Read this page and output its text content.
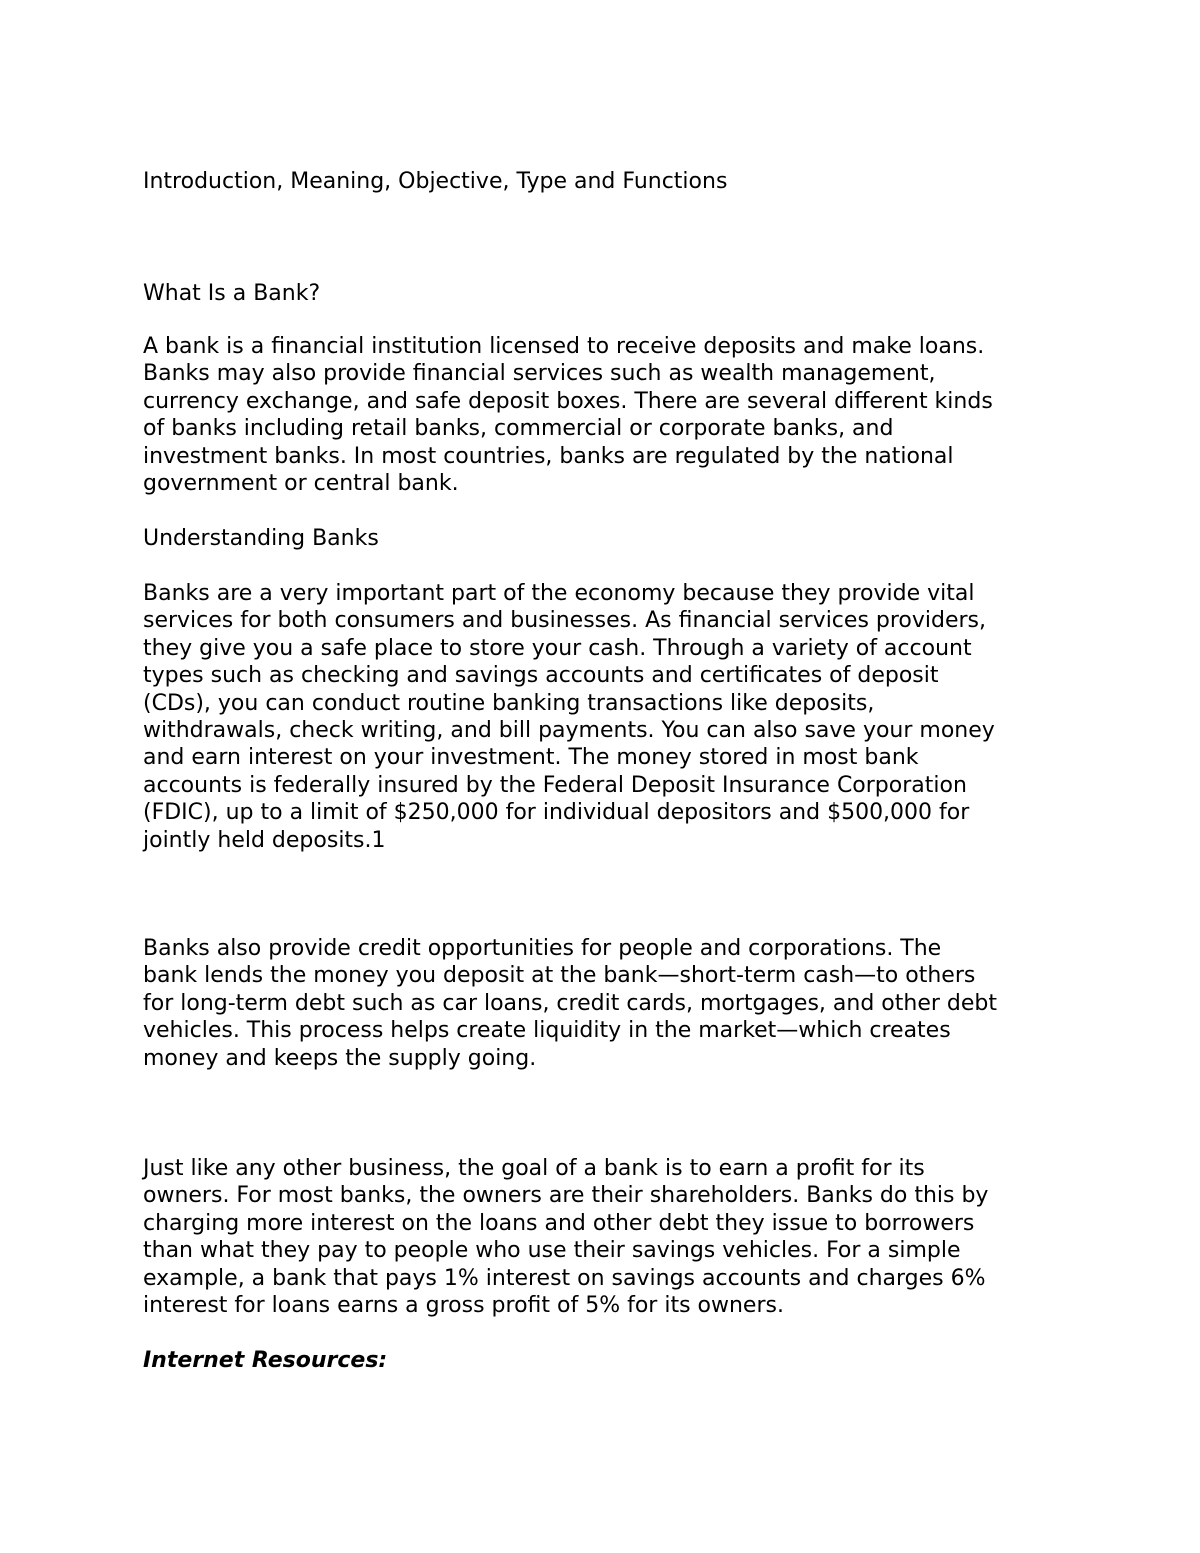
Introduction, Meaning, Objective, Type and Functions

What Is a Bank?

A bank is a financial institution licensed to receive deposits and make loans.
Banks may also provide financial services such as wealth management,
currency exchange, and safe deposit boxes. There are several different kinds
of banks including retail banks, commercial or corporate banks, and
investment banks. In most countries, banks are regulated by the national
government or central bank.

Understanding Banks

Banks are a very important part of the economy because they provide vital
services for both consumers and businesses. As financial services providers,
they give you a safe place to store your cash. Through a variety of account
types such as checking and savings accounts and certificates of deposit
(CDs), you can conduct routine banking transactions like deposits,
withdrawals, check writing, and bill payments. You can also save your money
and earn interest on your investment. The money stored in most bank
accounts is federally insured by the Federal Deposit Insurance Corporation
(FDIC), up to a limit of $250,000 for individual depositors and $500,000 for
jointly held deposits.1

Banks also provide credit opportunities for people and corporations. The
bank lends the money you deposit at the bank—short-term cash—to others
for long-term debt such as car loans, credit cards, mortgages, and other debt
vehicles. This process helps create liquidity in the market—which creates
money and keeps the supply going.

Just like any other business, the goal of a bank is to earn a profit for its
owners. For most banks, the owners are their shareholders. Banks do this by
charging more interest on the loans and other debt they issue to borrowers
than what they pay to people who use their savings vehicles. For a simple
example, a bank that pays 1% interest on savings accounts and charges 6%
interest for loans earns a gross profit of 5% for its owners.

Internet Resources:
